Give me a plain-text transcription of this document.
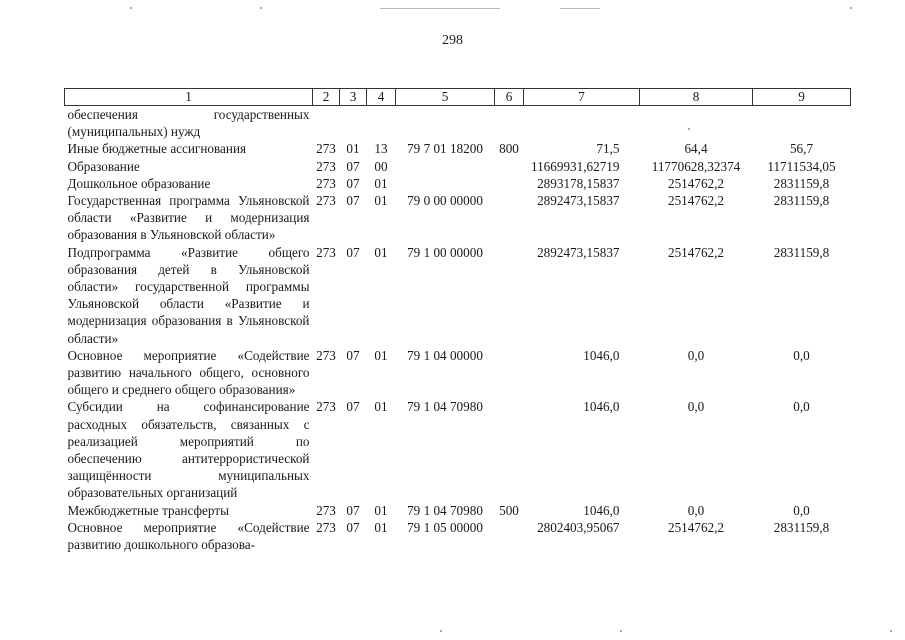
298
1	2	3	4	5	6	7	8	9
обеспечения государственных (муниципальных) нужд								
Иные бюджетные ассигнования	273	01	13	79 7 01 18200	800	71,5	64,4	56,7
Образование	273	07	00			11669931,62719	11770628,32374	11711534,05
Дошкольное образование	273	07	01			2893178,15837	2514762,2	2831159,8
Государственная программа Ульяновской области «Развитие и модернизация образования в Ульяновской области»	273	07	01	79 0 00 00000		2892473,15837	2514762,2	2831159,8
Подпрограмма «Развитие общего образования детей в Ульяновской области» государственной программы Ульяновской области «Развитие и модернизация образования в Ульяновской области»	273	07	01	79 1 00 00000		2892473,15837	2514762,2	2831159,8
Основное мероприятие «Содействие развитию начального общего, основного общего и среднего общего образования»	273	07	01	79 1 04 00000		1046,0	0,0	0,0
Субсидии на софинансирование расходных обязательств, связанных с реализацией мероприятий по обеспечению антитеррористической защищённости муниципальных образовательных организаций	273	07	01	79 1 04 70980		1046,0	0,0	0,0
Межбюджетные трансферты	273	07	01	79 1 04 70980	500	1046,0	0,0	0,0
Основное мероприятие «Содействие развитию дошкольного образова-	273	07	01	79 1 05 00000		2802403,95067	2514762,2	2831159,8
